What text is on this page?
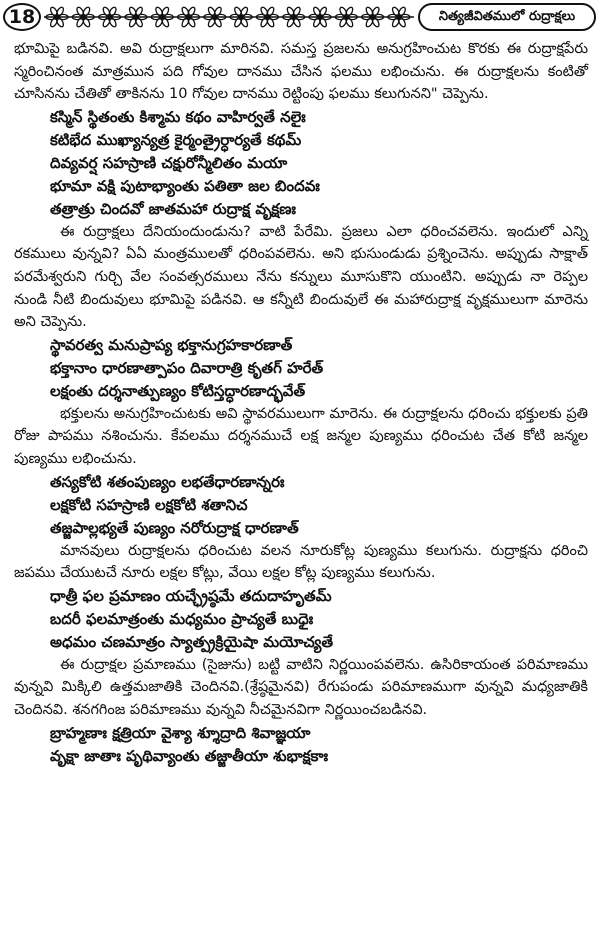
18	నిత్యజీవితములో రుద్రాక్షలు

భూమిపై బడినవి. అవి రుద్రాక్షలుగా మారినవి. సమస్త ప్రజలను అనుగ్రహించుట కొరకు ఈ రుద్రాక్షపేరు స్మరించినంత మాత్రమున పది గోవుల దానము చేసిన ఫలము లభించును. ఈ రుద్రాక్షలను కంటితో చూసినను చేతితో తాకినను 10 గోవుల దానము రెట్టింపు ఫలము కలుగునని" చెప్పెను.

కస్మిన్ స్థితంతు కిశ్మామ కథం వాహిర్వతే నలైః
కటిభేద ముఖ్యాన్యత్ర కైర్మంత్రైర్ధార్యతే కథమ్
దివ్యవర్ష సహస్రాణి చక్షురోన్మీలితం మయా
భూమా వక్షి పుటాభ్యాంతు పతితా జల బిందవః
తత్రాత్రు చిందవో జాతమహా రుద్రాక్ష వృక్షణః

ఈ రుద్రాక్షలు దేనియందుండును? వాటి పేరేమి. ప్రజలు ఎలా ధరించవలెను. ఇందులో ఎన్ని రకములు వున్నవి? ఏఏ మంత్రములతో ధరింపవలెను. అని భుసుండుడు ప్రశ్నించెను. అప్పుడు సాక్షాత్ పరమేశ్వరుని గుర్చి వేల సంవత్సరములు నేను కన్నులు మూసుకొని యుంటిని. అప్పుడు నా రెప్పల నుండి నీటి బిందువులు భూమిపై పడినవి. ఆ కన్నీటి బిందువులే ఈ మహారుద్రాక్ష వృక్షములుగా మారెను అని చెప్పెను.

స్థావరత్వ మనుప్రాప్య భక్తానుగ్రహకారణాత్
భక్తానాం ధారణాత్పాపం దివారాత్రి కృతగ్ హరేత్
లక్షంతు దర్శనాత్పుణ్యం కోటిస్తద్ధారణాద్భవేత్

భక్తులను అనుగ్రహించుటకు అవి స్థావరములుగా మారెను. ఈ రుద్రాక్షలను ధరించు భక్తులకు ప్రతి రోజు పాపము నశించును. కేవలము దర్శనముచే లక్ష జన్మల పుణ్యము ధరించుట చేత కోటి జన్మల పుణ్యము లభించును.

తస్యకోటి శతంపుణ్యం లభతేధారణాన్నరః
లక్షకోటి సహస్రాణి లక్షకోటి శతానిచ
తజ్జపాల్లభ్యతే పుణ్యం నరోరుద్రాక్ష ధారణాత్

మానవులు రుద్రాక్షలను ధరించుట వలన నూరుకోట్ల పుణ్యము కలుగును. రుద్రాక్షను ధరించి జపము చేయుటచే నూరు లక్షల కోట్లు, వేయి లక్షల కోట్ల పుణ్యము కలుగును.

ధాత్రీ ఫల ప్రమాణం యచ్ఛ్రేష్ఠమే తదుదాహృతమ్
బదరీ ఫలమాత్రంతు మధ్యమం ప్రాచ్యతే బుధైః
అధమం చణమాత్రం స్యాత్ప్రక్రియైషా మయోచ్యతే

ఈ రుద్రాక్షల ప్రమాణము (సైజును) బట్టి వాటిని నిర్ణయింపవలెను. ఉసిరికాయంత పరిమాణము వున్నవి మిక్కిలి ఉత్తమజాతికి చెందినవి.(శ్రేష్ఠమైనవి) రేగుపండు పరిమాణముగా వున్నవి మధ్యజాతికి చెందినవి. శనగగింజ పరిమాణము వున్నవి నీచమైనవిగా నిర్ణయించబడినవి.

బ్రాహ్మణాః క్షత్రియా వైశ్యా శ్శూద్రాది శివాజ్ఞయా
వృక్షా జాతాః పృథివ్యాంతు తజ్జాతీయా శుభాక్షకాః
